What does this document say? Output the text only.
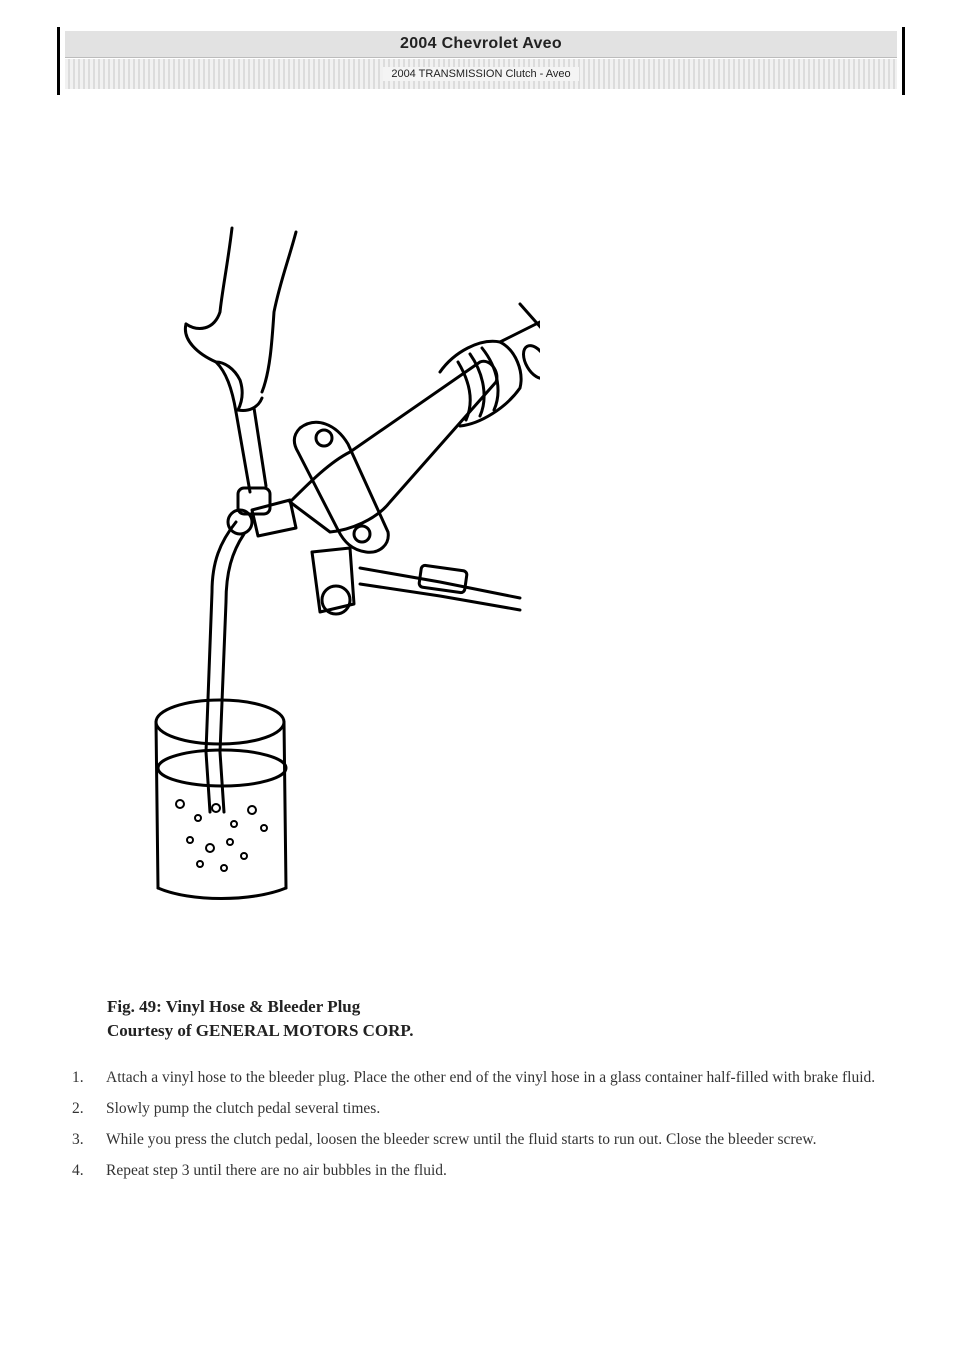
2004 Chevrolet Aveo
2004 TRANSMISSION Clutch - Aveo
Fig. 49: Vinyl Hose & Bleeder Plug
Courtesy of GENERAL MOTORS CORP.
1. Attach a vinyl hose to the bleeder plug. Place the other end of the vinyl hose in a glass container half-filled with brake fluid.
2. Slowly pump the clutch pedal several times.
3. While you press the clutch pedal, loosen the bleeder screw until the fluid starts to run out. Close the bleeder screw.
4. Repeat step 3 until there are no air bubbles in the fluid.
